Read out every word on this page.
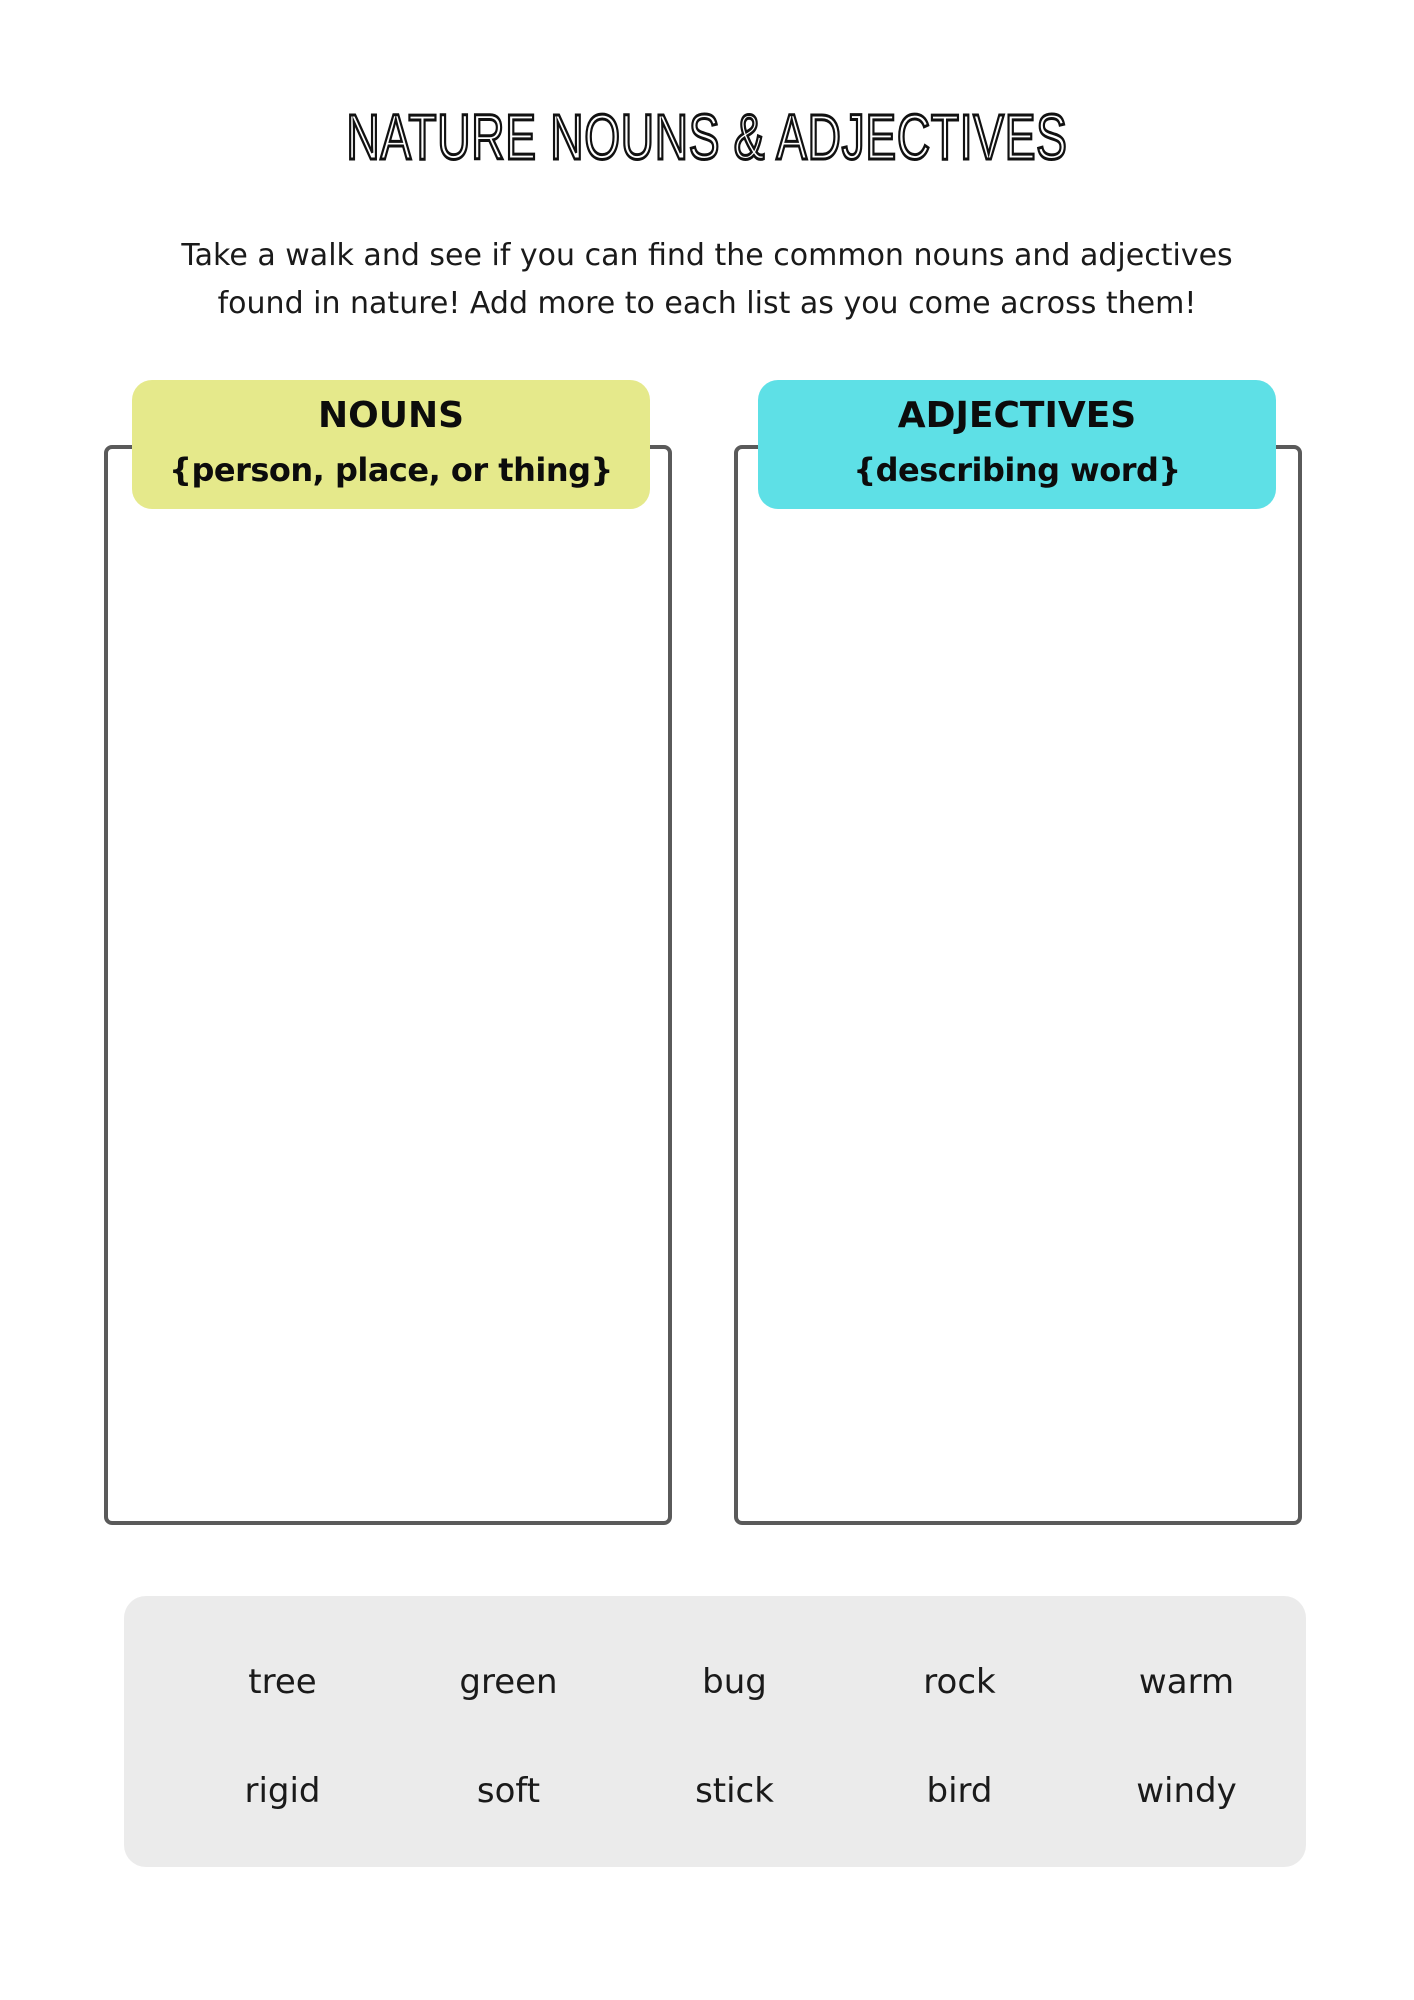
NATURE NOUNS & ADJECTIVES
Take a walk and see if you can find the common nouns and adjectives
found in nature! Add more to each list as you come across them!
NOUNS
{person, place, or thing}
ADJECTIVES
{describing word}
tree	green	bug	rock	warm
rigid	soft	stick	bird	windy
